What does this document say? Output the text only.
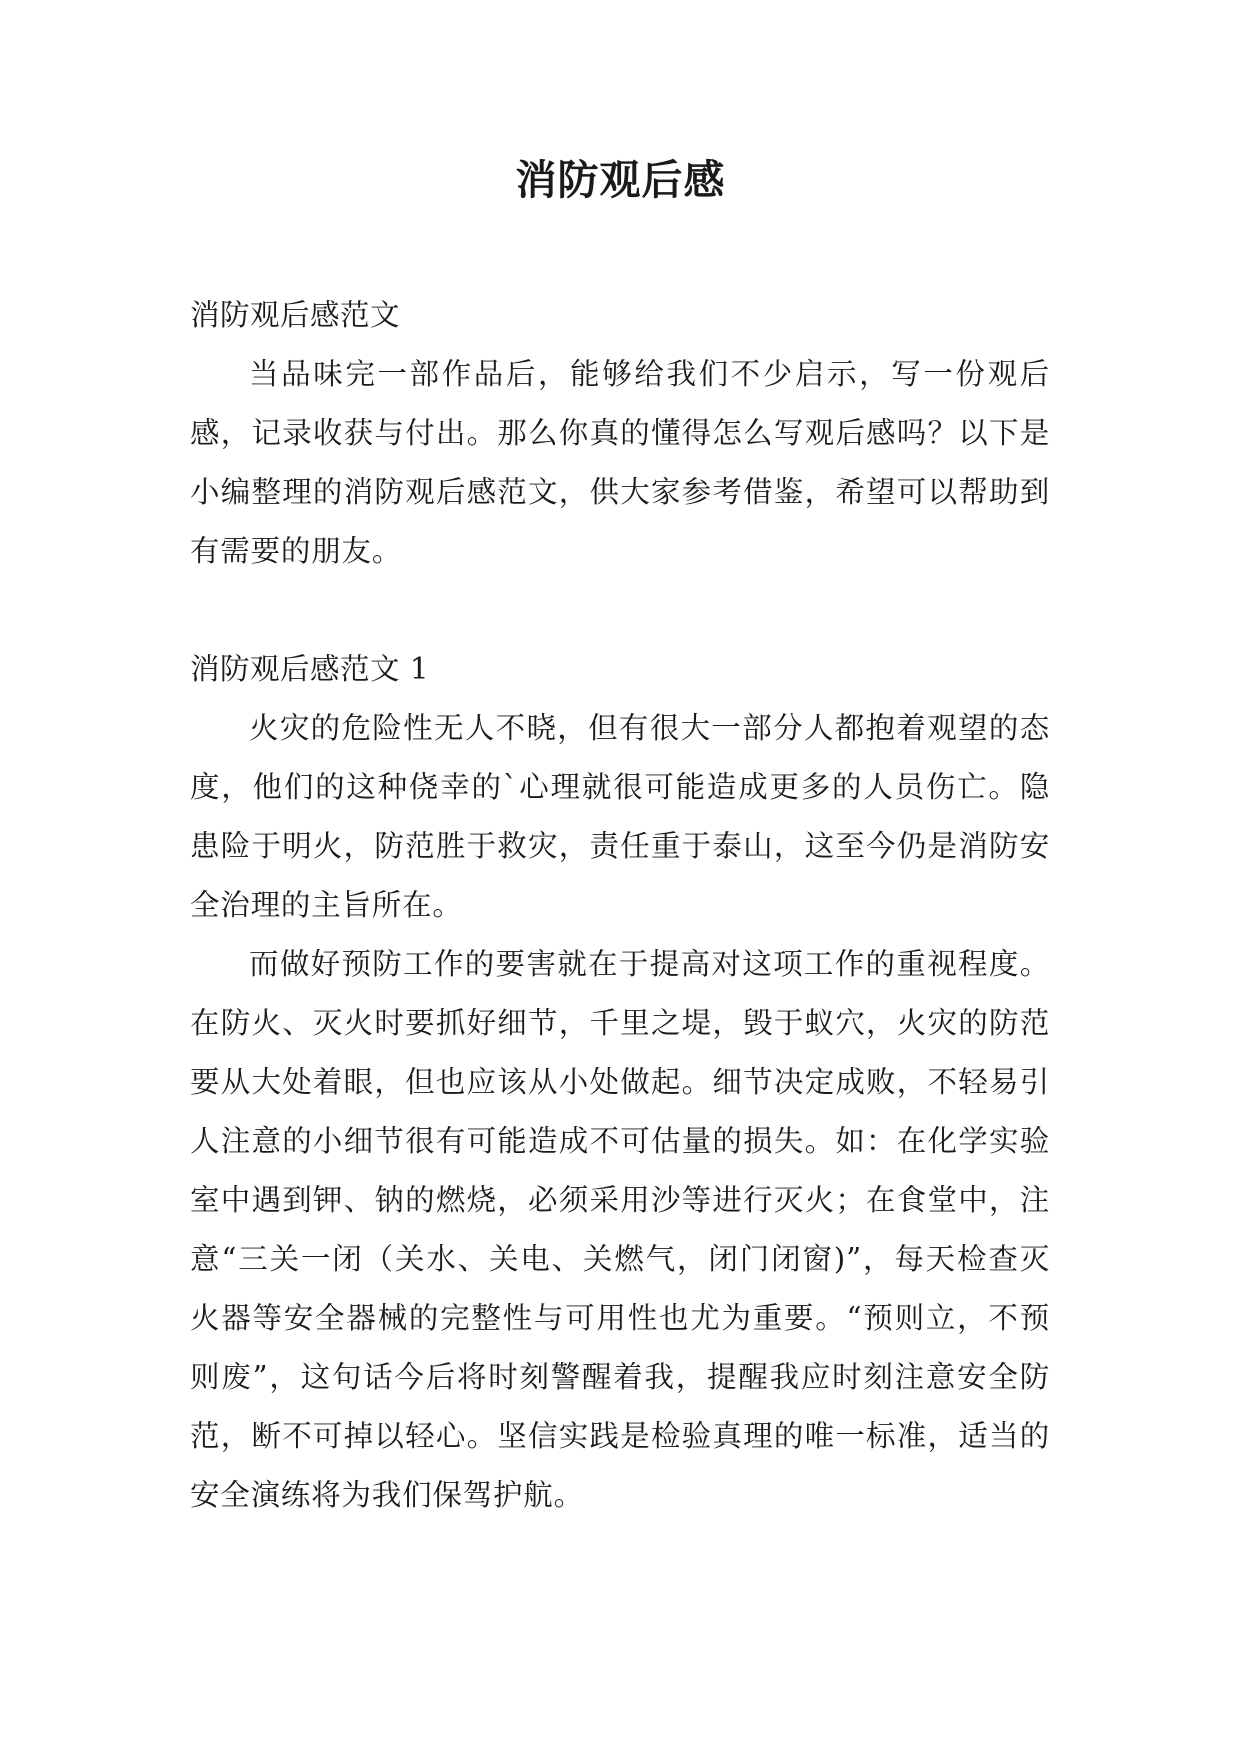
消防观后感

消防观后感范文

当品味完一部作品后，能够给我们不少启示，写一份观后感，记录收获与付出。那么你真的懂得怎么写观后感吗？以下是小编整理的消防观后感范文，供大家参考借鉴，希望可以帮助到有需要的朋友。

消防观后感范文 1

火灾的危险性无人不晓，但有很大一部分人都抱着观望的态度，他们的这种侥幸的`心理就很可能造成更多的人员伤亡。隐患险于明火，防范胜于救灾，责任重于泰山，这至今仍是消防安全治理的主旨所在。

而做好预防工作的要害就在于提高对这项工作的重视程度。在防火、灭火时要抓好细节，千里之堤，毁于蚁穴，火灾的防范要从大处着眼，但也应该从小处做起。细节决定成败，不轻易引人注意的小细节很有可能造成不可估量的损失。如：在化学实验室中遇到钾、钠的燃烧，必须采用沙等进行灭火；在食堂中，注意“三关一闭（关水、关电、关燃气，闭门闭窗)”，每天检查灭火器等安全器械的完整性与可用性也尤为重要。“预则立，不预则废”，这句话今后将时刻警醒着我，提醒我应时刻注意安全防范，断不可掉以轻心。坚信实践是检验真理的唯一标准，适当的安全演练将为我们保驾护航。
